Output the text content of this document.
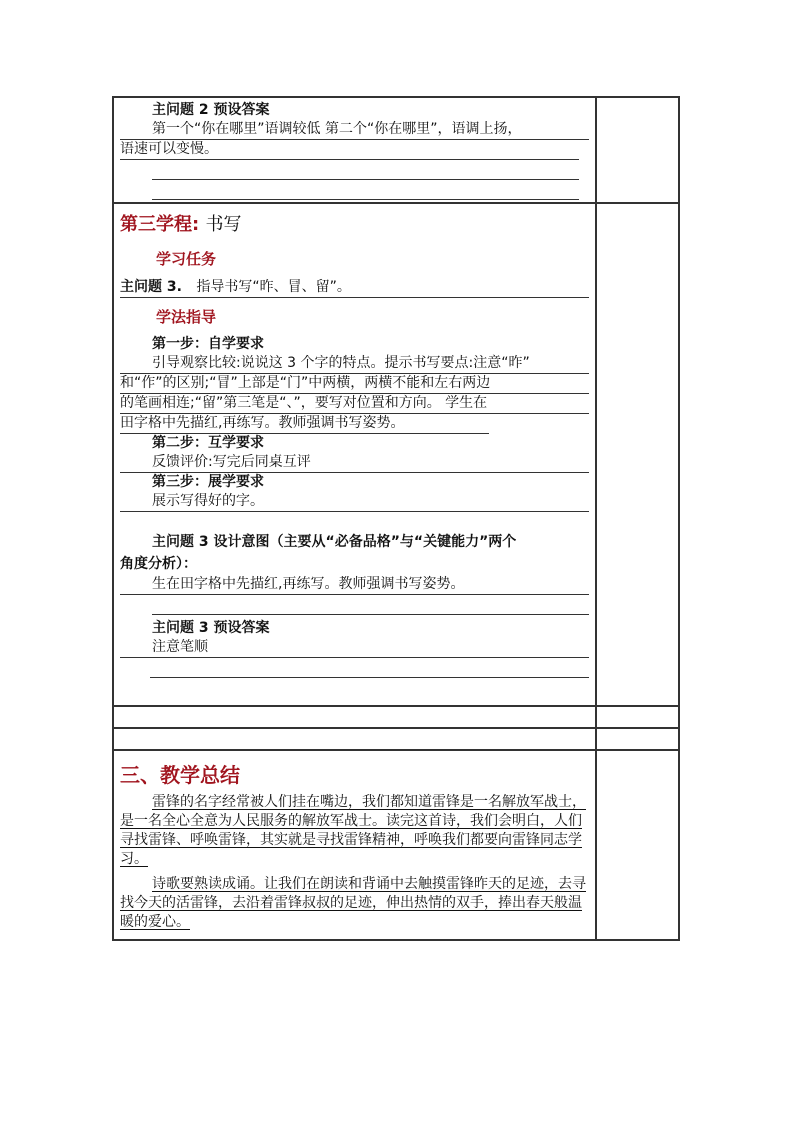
主问题 2 预设答案
第一个“你在哪里”语调较低 第二个“你在哪里”，语调上扬，
语速可以变慢。
第三学程: 书写
学习任务
主问题 3. 指导书写“昨、冒、留”。
学法指导
第一步：自学要求
引导观察比较:说说这 3 个字的特点。提示书写要点:注意“昨”
和“作”的区别;“冒”上部是“门”中两横，两横不能和左右两边
的笔画相连;“留”第三笔是“、”，要写对位置和方向。 学生在
田字格中先描红,再练写。教师强调书写姿势。
第二步：互学要求
反馈评价:写完后同桌互评
第三步：展学要求
展示写得好的字。
主问题 3 设计意图（主要从“必备品格”与“关键能力”两个
角度分析）：
生在田字格中先描红,再练写。教师强调书写姿势。
主问题 3 预设答案
注意笔顺
三、教学总结
雷锋的名字经常被人们挂在嘴边，我们都知道雷锋是一名解放军战士，
是一名全心全意为人民服务的解放军战士。读完这首诗，我们会明白，人们
寻找雷锋、呼唤雷锋，其实就是寻找雷锋精神，呼唤我们都要向雷锋同志学
习。
诗歌要熟读成诵。让我们在朗读和背诵中去触摸雷锋昨天的足迹，去寻
找今天的活雷锋，去沿着雷锋叔叔的足迹，伸出热情的双手，捧出春天般温
暖的爱心。
